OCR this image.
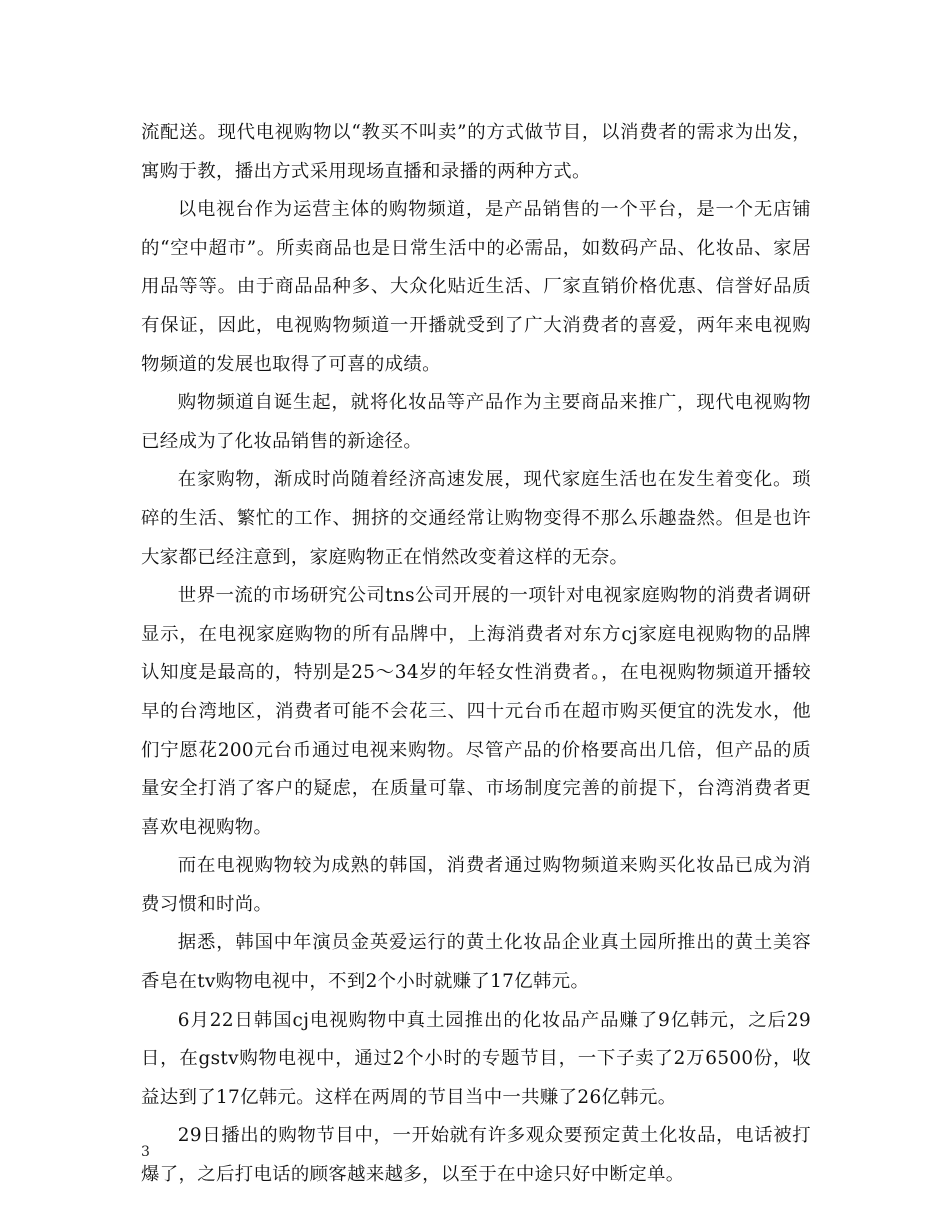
流配送。现代电视购物以“教买不叫卖”的方式做节目，以消费者的需求为出发，寓购于教，播出方式采用现场直播和录播的两种方式。

以电视台作为运营主体的购物频道，是产品销售的一个平台，是一个无店铺的“空中超市”。所卖商品也是日常生活中的必需品，如数码产品、化妆品、家居用品等等。由于商品品种多、大众化贴近生活、厂家直销价格优惠、信誉好品质有保证，因此，电视购物频道一开播就受到了广大消费者的喜爱，两年来电视购物频道的发展也取得了可喜的成绩。

购物频道自诞生起，就将化妆品等产品作为主要商品来推广，现代电视购物已经成为了化妆品销售的新途径。

在家购物，渐成时尚随着经济高速发展，现代家庭生活也在发生着变化。琐碎的生活、繁忙的工作、拥挤的交通经常让购物变得不那么乐趣盎然。但是也许大家都已经注意到，家庭购物正在悄然改变着这样的无奈。

世界一流的市场研究公司tns公司开展的一项针对电视家庭购物的消费者调研显示，在电视家庭购物的所有品牌中，上海消费者对东方cj家庭电视购物的品牌认知度是最高的，特别是25～34岁的年轻女性消费者。，在电视购物频道开播较早的台湾地区，消费者可能不会花三、四十元台币在超市购买便宜的洗发水，他们宁愿花200元台币通过电视来购物。尽管产品的价格要高出几倍，但产品的质量安全打消了客户的疑虑，在质量可靠、市场制度完善的前提下，台湾消费者更喜欢电视购物。

而在电视购物较为成熟的韩国，消费者通过购物频道来购买化妆品已成为消费习惯和时尚。

据悉，韩国中年演员金英爱运行的黄土化妆品企业真土园所推出的黄土美容香皂在tv购物电视中，不到2个小时就赚了17亿韩元。

6月22日韩国cj电视购物中真土园推出的化妆品产品赚了9亿韩元，之后29日，在gstv购物电视中，通过2个小时的专题节目，一下子卖了2万6500份，收益达到了17亿韩元。这样在两周的节目当中一共赚了26亿韩元。

29日播出的购物节目中，一开始就有许多观众要预定黄土化妆品，电话被打爆了，之后打电话的顾客越来越多，以至于在中途只好中断定单。

3
